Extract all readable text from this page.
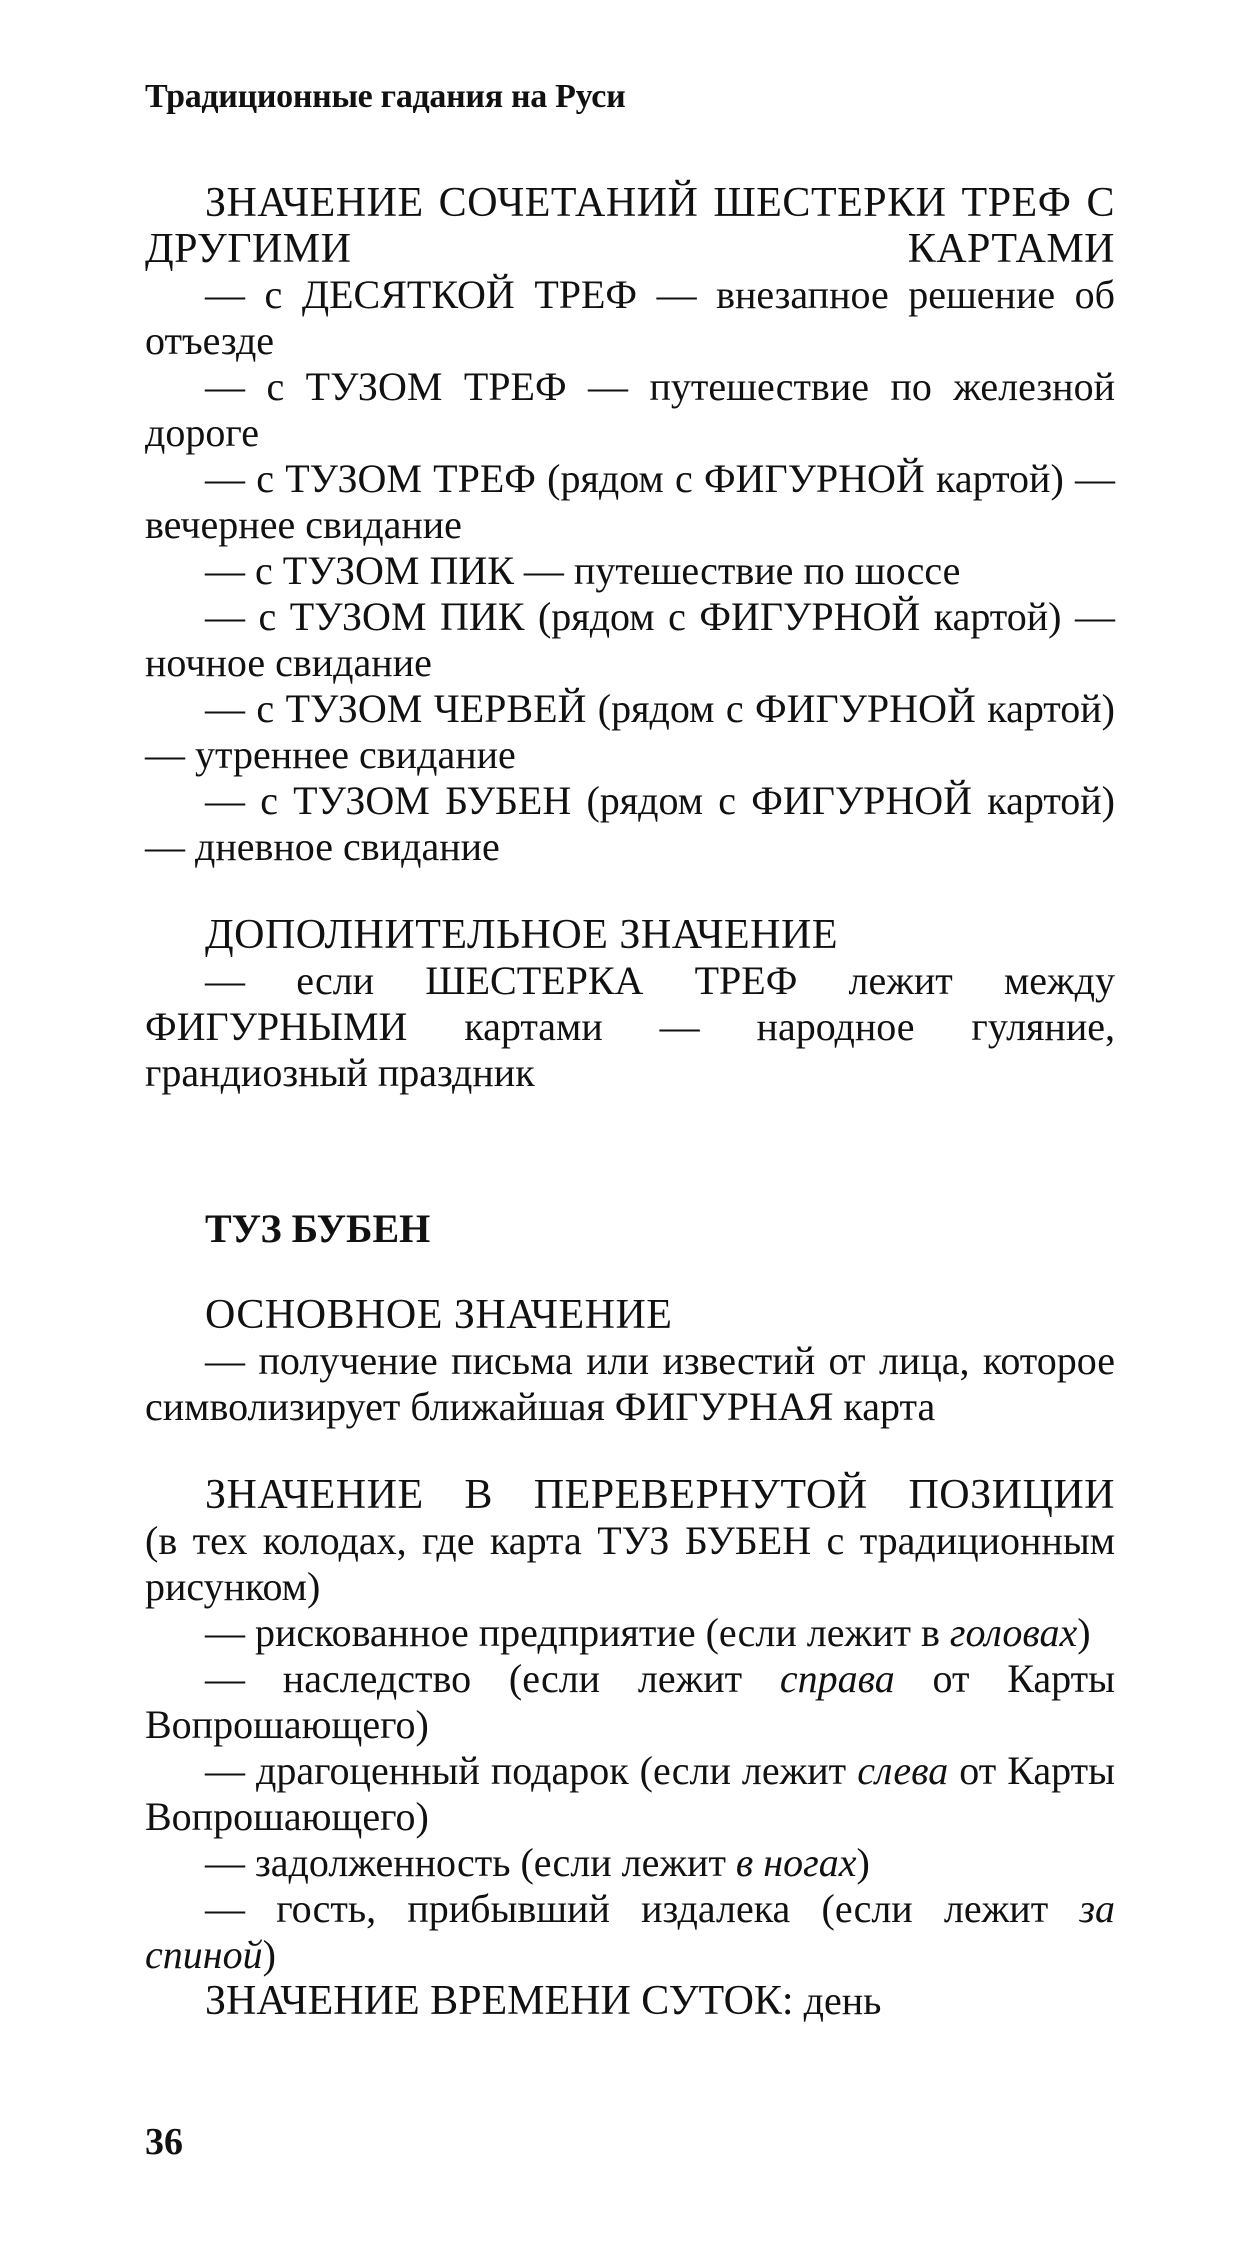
Традиционные гадания на Руси

ЗНАЧЕНИЕ СОЧЕТАНИЙ ШЕСТЕРКИ ТРЕФ С ДРУГИМИ КАРТАМИ

— с ДЕСЯТКОЙ ТРЕФ — внезапное решение об отъезде

— с ТУЗОМ ТРЕФ — путешествие по железной дороге

— с ТУЗОМ ТРЕФ (рядом с ФИГУРНОЙ картой) — вечернее свидание

— с ТУЗОМ ПИК — путешествие по шоссе

— с ТУЗОМ ПИК (рядом с ФИГУРНОЙ картой) — ночное свидание

— с ТУЗОМ ЧЕРВЕЙ (рядом с ФИГУРНОЙ картой) — утреннее свидание

— с ТУЗОМ БУБЕН (рядом с ФИГУРНОЙ картой) — дневное свидание

ДОПОЛНИТЕЛЬНОЕ ЗНАЧЕНИЕ

— если ШЕСТЕРКА ТРЕФ лежит между ФИГУРНЫМИ картами — народное гуляние, грандиозный праздник

ТУЗ БУБЕН

ОСНОВНОЕ ЗНАЧЕНИЕ

— получение письма или известий от лица, которое символизирует ближайшая ФИГУРНАЯ карта

ЗНАЧЕНИЕ В ПЕРЕВЕРНУТОЙ ПОЗИЦИИ

(в тех колодах, где карта ТУЗ БУБЕН с традиционным рисунком)

— рискованное предприятие (если лежит в головах)

— наследство (если лежит справа от Карты Вопрошающего)

— драгоценный подарок (если лежит слева от Карты Вопрошающего)

— задолженность (если лежит в ногах)

— гость, прибывший издалека (если лежит за спиной)

ЗНАЧЕНИЕ ВРЕМЕНИ СУТОК: день

36
